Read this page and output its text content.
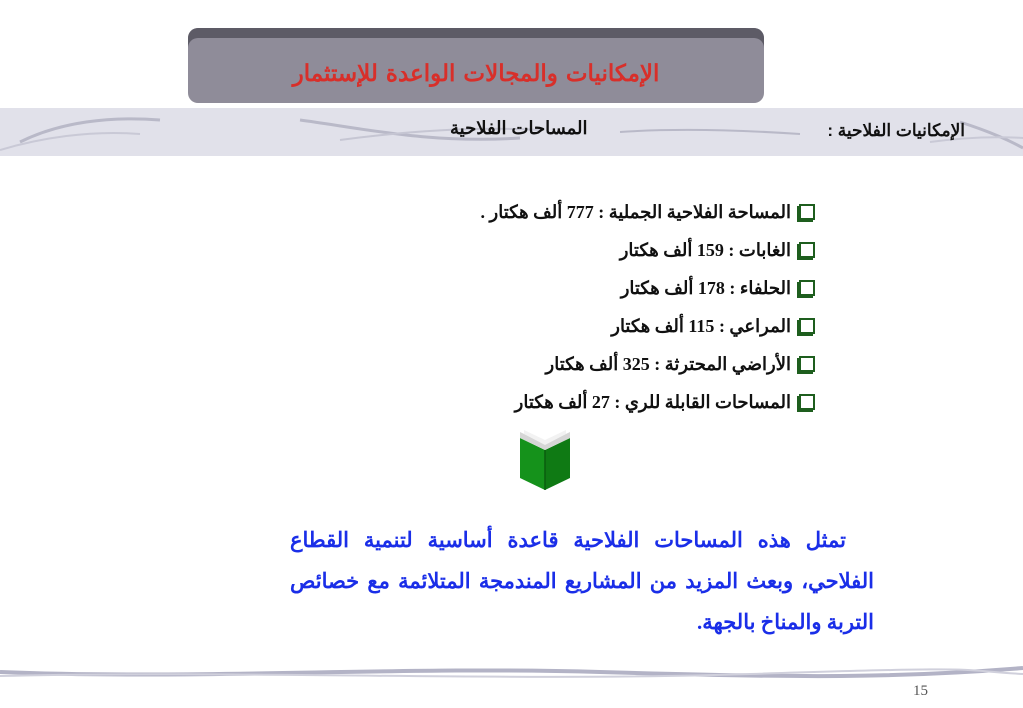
الإمكانيات والمجالات الواعدة للإستثمار
الإمكانيات الفلاحية :
المساحات الفلاحية
المساحة الفلاحية الجملية : 777 ألف هكتار .
الغابات : 159 ألف هكتار
الحلفاء : 178 ألف هكتار
المراعي : 115 ألف هكتار
الأراضي المحترثة : 325 ألف هكتار
المساحات القابلة للري : 27 ألف هكتار
تمثل هذه المساحات الفلاحية قاعدة أساسية لتنمية القطاع الفلاحي، وبعث المزيد من المشاريع المندمجة المتلائمة مع خصائص التربة والمناخ بالجهة.
15
